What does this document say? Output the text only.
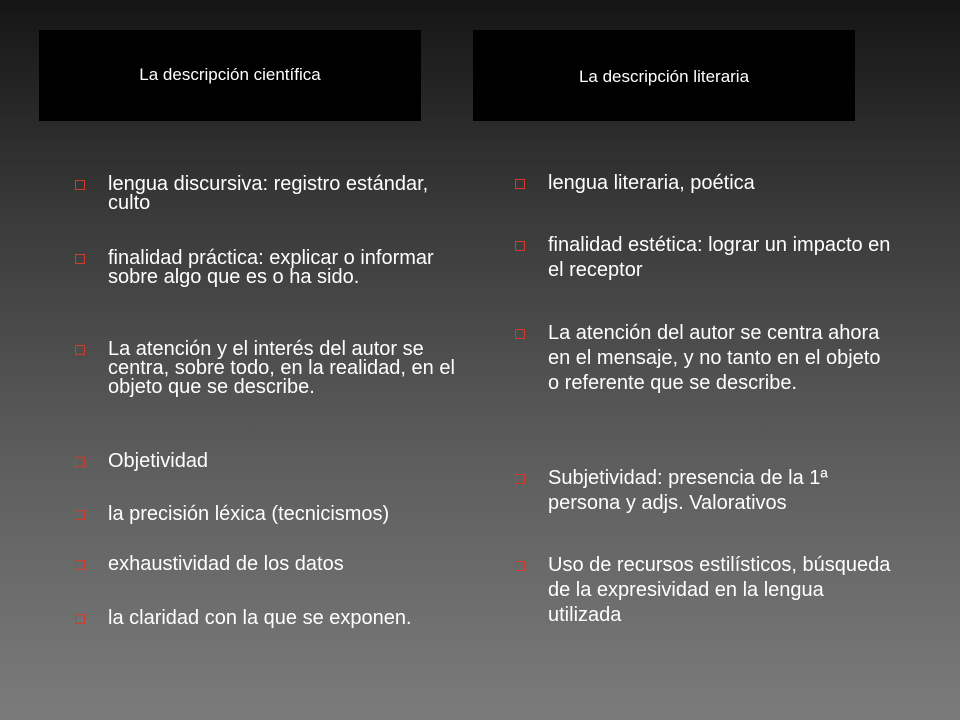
La descripción científica	La descripción literaria
lengua discursiva: registro estándar, culto
finalidad práctica: explicar o informar sobre algo que es o ha sido.
La atención y el interés del autor se centra, sobre todo, en la realidad, en el objeto que se describe.
Objetividad
la precisión léxica (tecnicismos)
exhaustividad de los datos
la claridad con la que se exponen.
lengua literaria, poética
finalidad estética: lograr un impacto en el receptor
La atención del autor se centra ahora en el mensaje, y no tanto en el objeto o referente que se describe.
Subjetividad: presencia de la 1ª persona y adjs. Valorativos
Uso de recursos estilísticos, búsqueda de la expresividad en la lengua utilizada
